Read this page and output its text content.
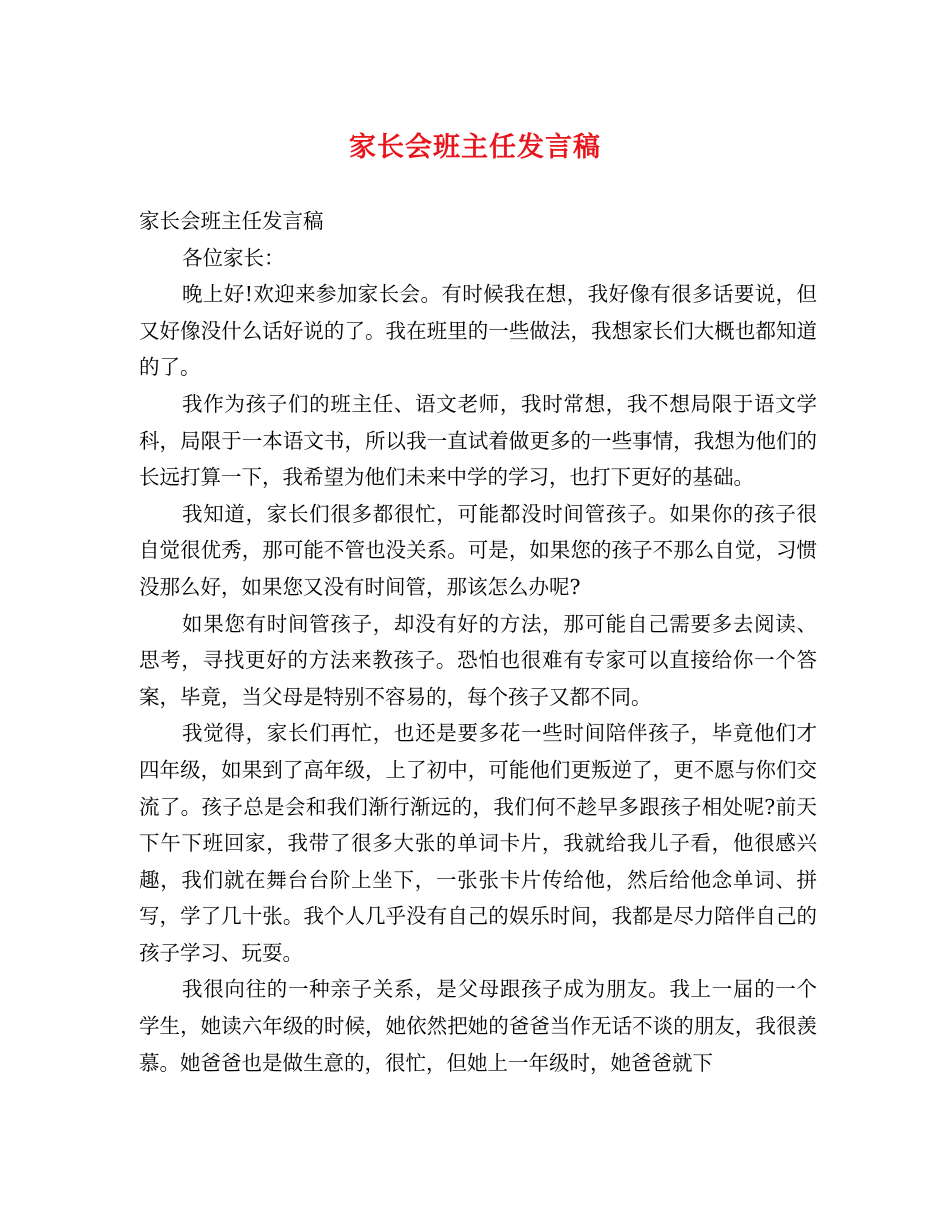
家长会班主任发言稿

家长会班主任发言稿

各位家长：

晚上好!欢迎来参加家长会。有时候我在想，我好像有很多话要说，但又好像没什么话好说的了。我在班里的一些做法，我想家长们大概也都知道的了。

我作为孩子们的班主任、语文老师，我时常想，我不想局限于语文学科，局限于一本语文书，所以我一直试着做更多的一些事情，我想为他们的长远打算一下，我希望为他们未来中学的学习，也打下更好的基础。

我知道，家长们很多都很忙，可能都没时间管孩子。如果你的孩子很自觉很优秀，那可能不管也没关系。可是，如果您的孩子不那么自觉，习惯没那么好，如果您又没有时间管，那该怎么办呢?

如果您有时间管孩子，却没有好的方法，那可能自己需要多去阅读、思考，寻找更好的方法来教孩子。恐怕也很难有专家可以直接给你一个答案，毕竟，当父母是特别不容易的，每个孩子又都不同。

我觉得，家长们再忙，也还是要多花一些时间陪伴孩子，毕竟他们才四年级，如果到了高年级，上了初中，可能他们更叛逆了，更不愿与你们交流了。孩子总是会和我们渐行渐远的，我们何不趁早多跟孩子相处呢?前天下午下班回家，我带了很多大张的单词卡片，我就给我儿子看，他很感兴趣，我们就在舞台台阶上坐下，一张张卡片传给他，然后给他念单词、拼写，学了几十张。我个人几乎没有自己的娱乐时间，我都是尽力陪伴自己的孩子学习、玩耍。

我很向往的一种亲子关系，是父母跟孩子成为朋友。我上一届的一个学生，她读六年级的时候，她依然把她的爸爸当作无话不谈的朋友，我很羡慕。她爸爸也是做生意的，很忙，但她上一年级时，她爸爸就下
